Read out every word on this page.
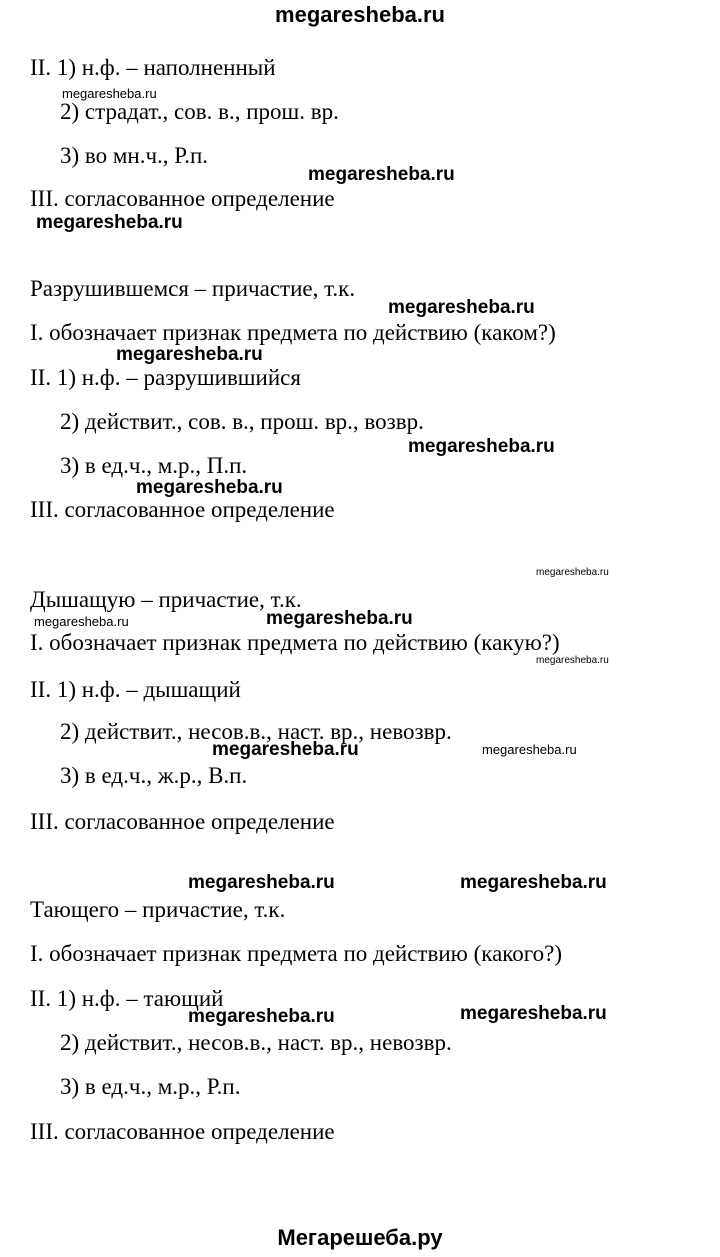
megaresheba.ru
II. 1) н.ф. – наполненный
megaresheba.ru
2) страдат., сов. в., прош. вр.
3) во мн.ч., Р.п.
megaresheba.ru
III. согласованное определение
megaresheba.ru
Разрушившемся – причастие, т.к.
megaresheba.ru
I. обозначает признак предмета по действию (каком?)
megaresheba.ru
II. 1) н.ф. – разрушившийся
2) действит., сов. в., прош. вр., возвр.
megaresheba.ru
3) в ед.ч., м.р., П.п.
megaresheba.ru
III. согласованное определение
megaresheba.ru
Дышащую – причастие, т.к.
megaresheba.ru
megaresheba.ru
I. обозначает признак предмета по действию (какую?)
megaresheba.ru
II. 1) н.ф. – дышащий
2) действит., несов.в., наст. вр., невозвр.
megaresheba.ru	megaresheba.ru
3) в ед.ч., ж.р., В.п.
III. согласованное определение
megaresheba.ru	megaresheba.ru
Тающего – причастие, т.к.
I. обозначает признак предмета по действию (какого?)
II. 1) н.ф. – тающий
megaresheba.ru	megaresheba.ru
2) действит., несов.в., наст. вр., невозвр.
3) в ед.ч., м.р., Р.п.
III. согласованное определение
Мегарешеба.ру
